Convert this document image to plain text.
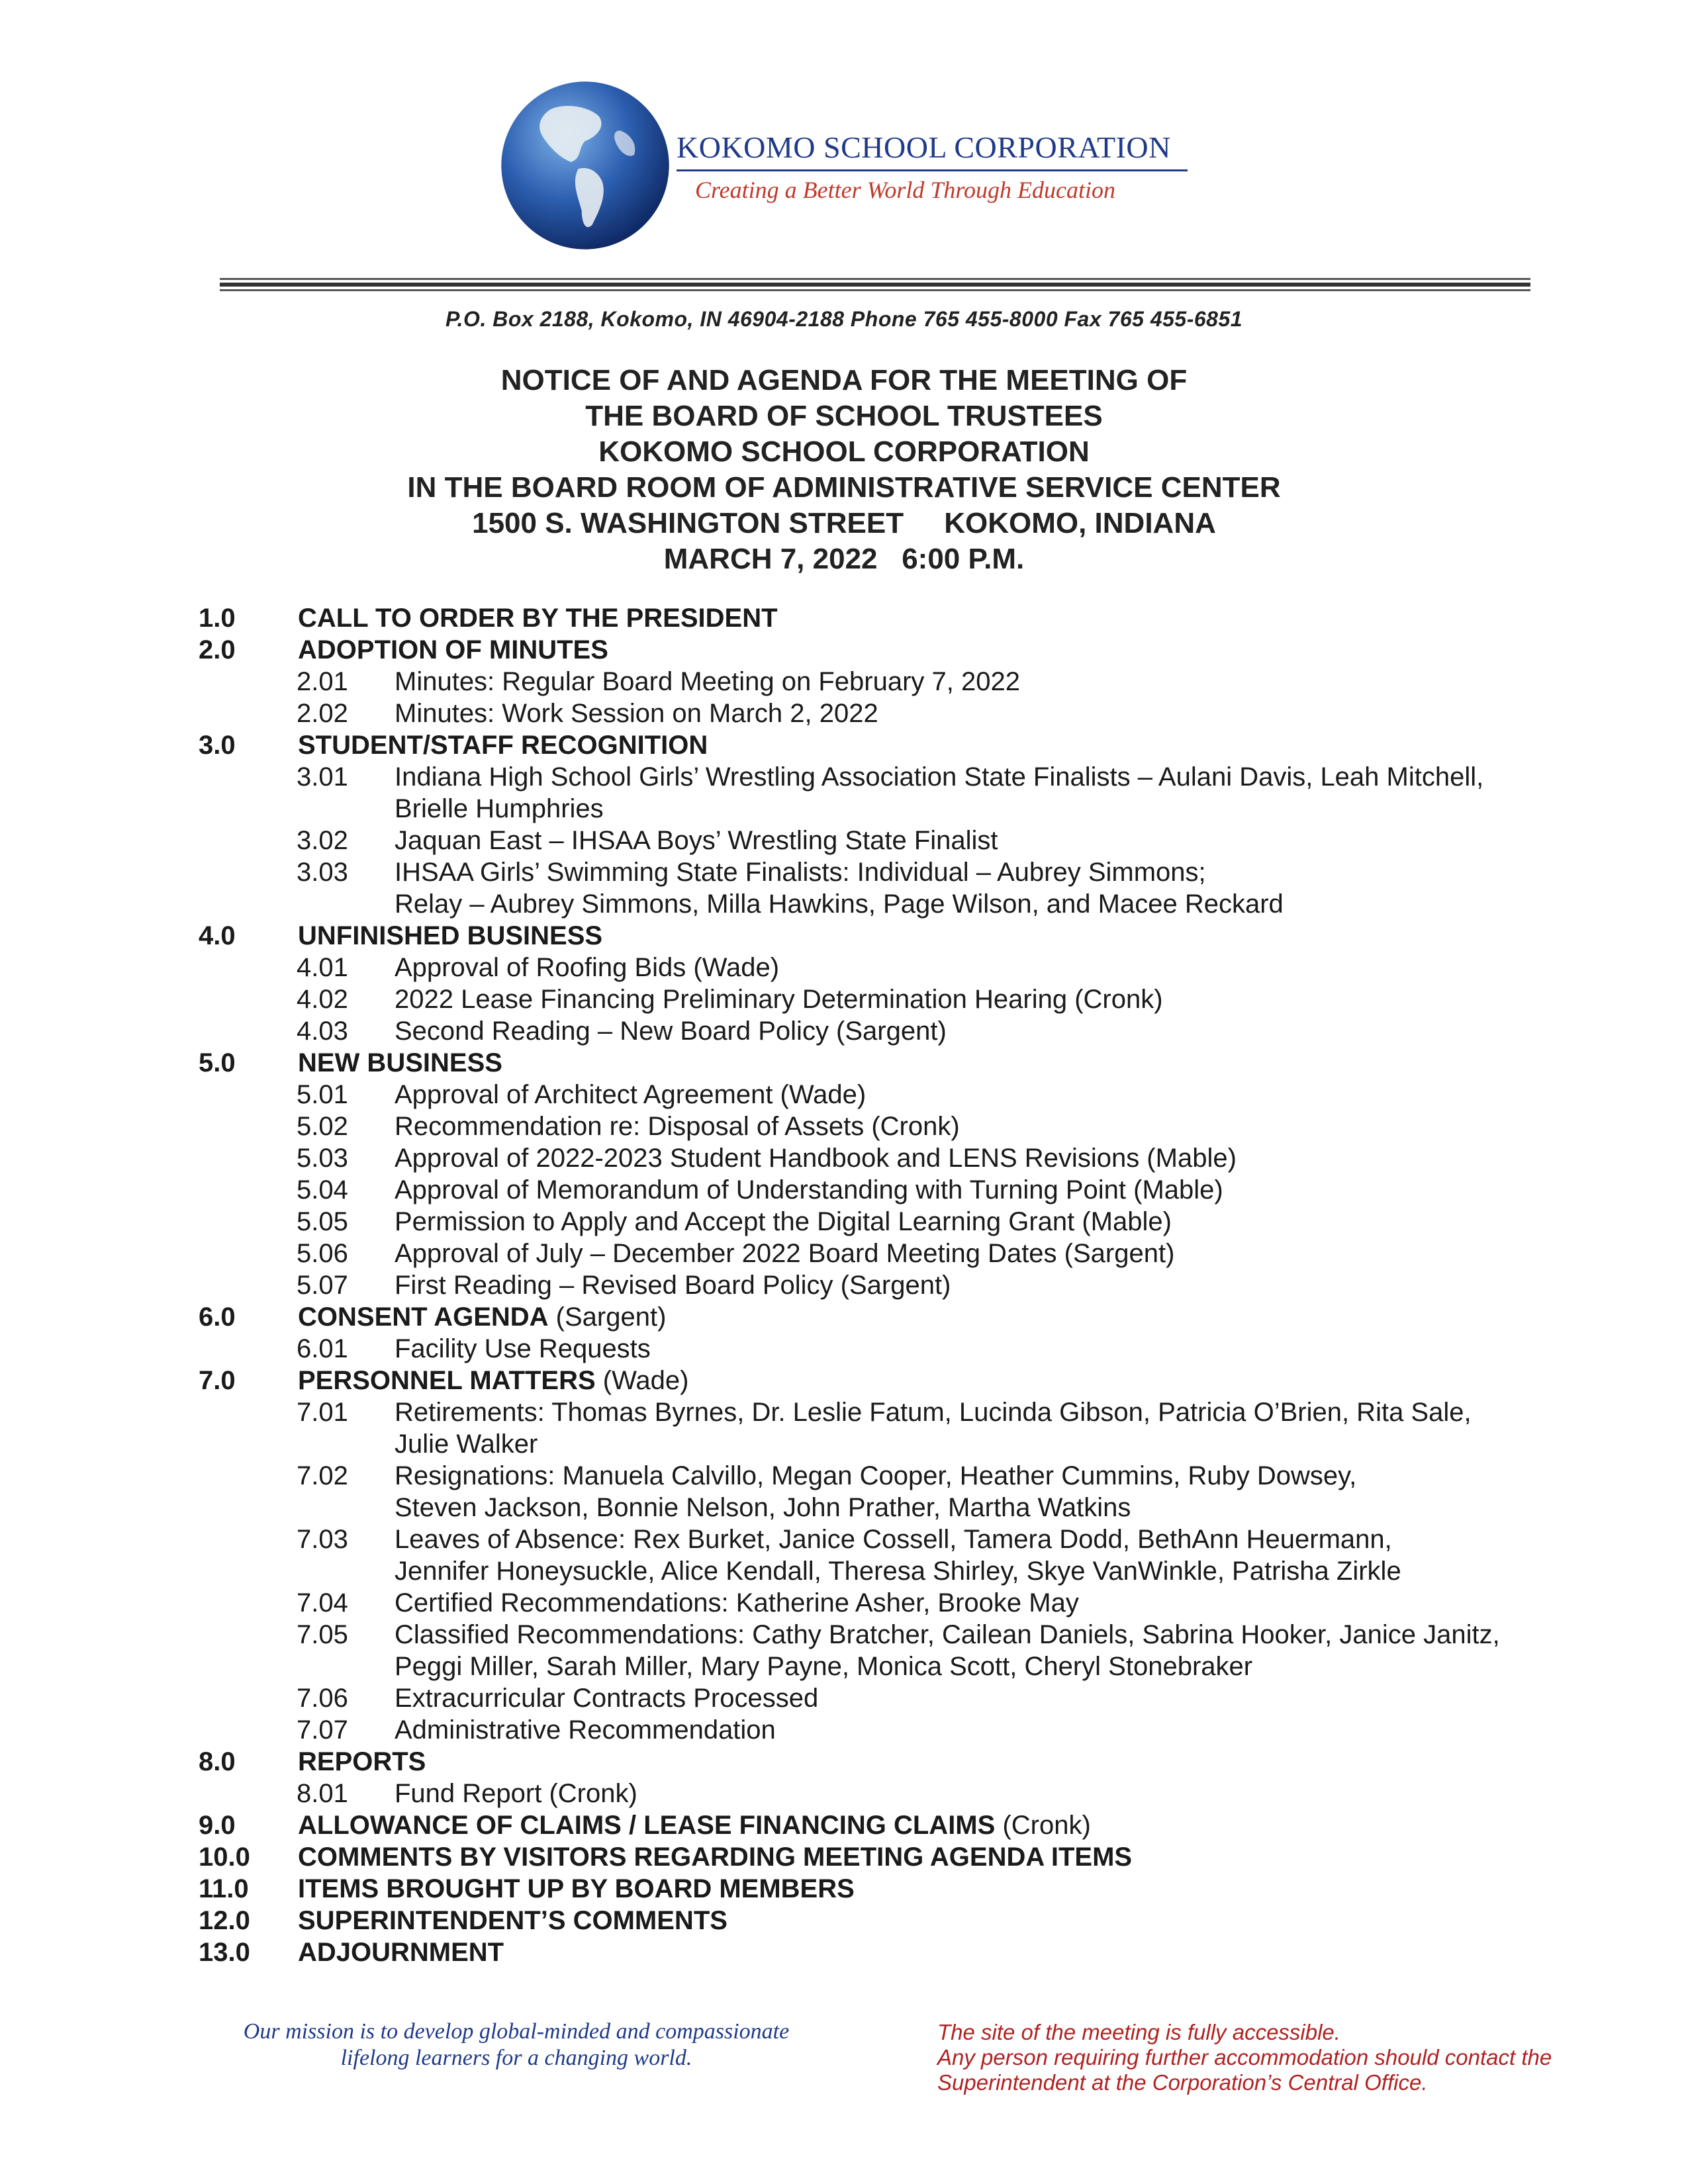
KOKOMO SCHOOL CORPORATION
Creating a Better World Through Education
P.O. Box 2188, Kokomo, IN 46904-2188 Phone 765 455-8000 Fax 765 455-6851
NOTICE OF AND AGENDA FOR THE MEETING OF
THE BOARD OF SCHOOL TRUSTEES
KOKOMO SCHOOL CORPORATION
IN THE BOARD ROOM OF ADMINISTRATIVE SERVICE CENTER
1500 S. WASHINGTON STREET     KOKOMO, INDIANA
MARCH 7, 2022   6:00 P.M.
1.0 CALL TO ORDER BY THE PRESIDENT
2.0 ADOPTION OF MINUTES
2.01 Minutes: Regular Board Meeting on February 7, 2022
2.02 Minutes: Work Session on March 2, 2022
3.0 STUDENT/STAFF RECOGNITION
3.01 Indiana High School Girls’ Wrestling Association State Finalists – Aulani Davis, Leah Mitchell,
Brielle Humphries
3.02 Jaquan East – IHSAA Boys’ Wrestling State Finalist
3.03 IHSAA Girls’ Swimming State Finalists: Individual – Aubrey Simmons;
Relay – Aubrey Simmons, Milla Hawkins, Page Wilson, and Macee Reckard
4.0 UNFINISHED BUSINESS
4.01 Approval of Roofing Bids (Wade)
4.02 2022 Lease Financing Preliminary Determination Hearing (Cronk)
4.03 Second Reading – New Board Policy (Sargent)
5.0 NEW BUSINESS
5.01 Approval of Architect Agreement (Wade)
5.02 Recommendation re: Disposal of Assets (Cronk)
5.03 Approval of 2022-2023 Student Handbook and LENS Revisions (Mable)
5.04 Approval of Memorandum of Understanding with Turning Point (Mable)
5.05 Permission to Apply and Accept the Digital Learning Grant (Mable)
5.06 Approval of July – December 2022 Board Meeting Dates (Sargent)
5.07 First Reading – Revised Board Policy (Sargent)
6.0 CONSENT AGENDA (Sargent)
6.01 Facility Use Requests
7.0 PERSONNEL MATTERS (Wade)
7.01 Retirements: Thomas Byrnes, Dr. Leslie Fatum, Lucinda Gibson, Patricia O’Brien, Rita Sale,
Julie Walker
7.02 Resignations: Manuela Calvillo, Megan Cooper, Heather Cummins, Ruby Dowsey,
Steven Jackson, Bonnie Nelson, John Prather, Martha Watkins
7.03 Leaves of Absence: Rex Burket, Janice Cossell, Tamera Dodd, BethAnn Heuermann,
Jennifer Honeysuckle, Alice Kendall, Theresa Shirley, Skye VanWinkle, Patrisha Zirkle
7.04 Certified Recommendations: Katherine Asher, Brooke May
7.05 Classified Recommendations: Cathy Bratcher, Cailean Daniels, Sabrina Hooker, Janice Janitz,
Peggi Miller, Sarah Miller, Mary Payne, Monica Scott, Cheryl Stonebraker
7.06 Extracurricular Contracts Processed
7.07 Administrative Recommendation
8.0 REPORTS
8.01 Fund Report (Cronk)
9.0 ALLOWANCE OF CLAIMS / LEASE FINANCING CLAIMS (Cronk)
10.0 COMMENTS BY VISITORS REGARDING MEETING AGENDA ITEMS
11.0 ITEMS BROUGHT UP BY BOARD MEMBERS
12.0 SUPERINTENDENT’S COMMENTS
13.0 ADJOURNMENT
Our mission is to develop global-minded and compassionate
lifelong learners for a changing world.
The site of the meeting is fully accessible.
Any person requiring further accommodation should contact the
Superintendent at the Corporation’s Central Office.
